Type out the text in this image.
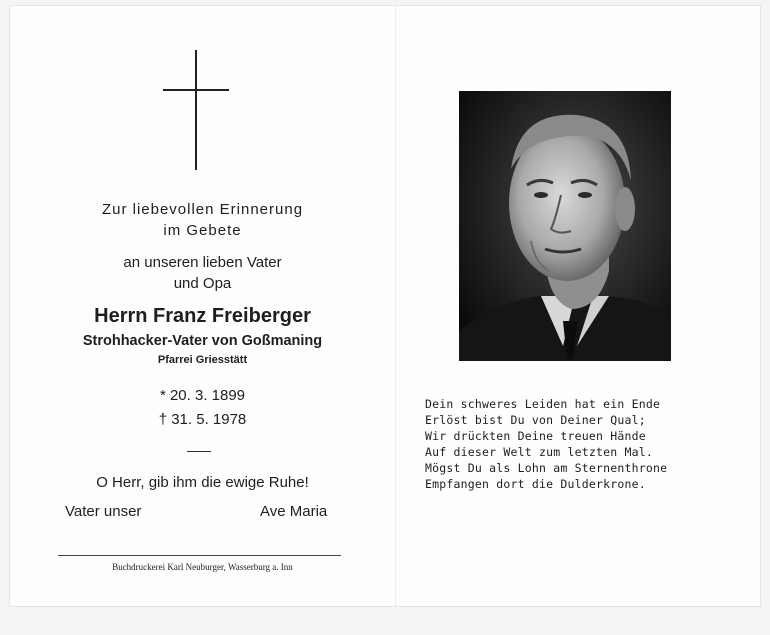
Zur liebevollen Erinnerung
im Gebete
an unseren lieben Vater
und Opa
Herrn Franz Freiberger
Strohhacker-Vater von Goßmaning
Pfarrei Griesstätt
* 20. 3. 1899
† 31. 5. 1978
O Herr, gib ihm die ewige Ruhe!
Vater unser	Ave Maria
Buchdruckerei Karl Neuburger, Wasserburg a. Inn
Dein schweres Leiden hat ein Ende
Erlöst bist Du von Deiner Qual;
Wir drückten Deine treuen Hände
Auf dieser Welt zum letzten Mal.
Mögst Du als Lohn am Sternenthrone
Empfangen dort die Dulderkrone.
